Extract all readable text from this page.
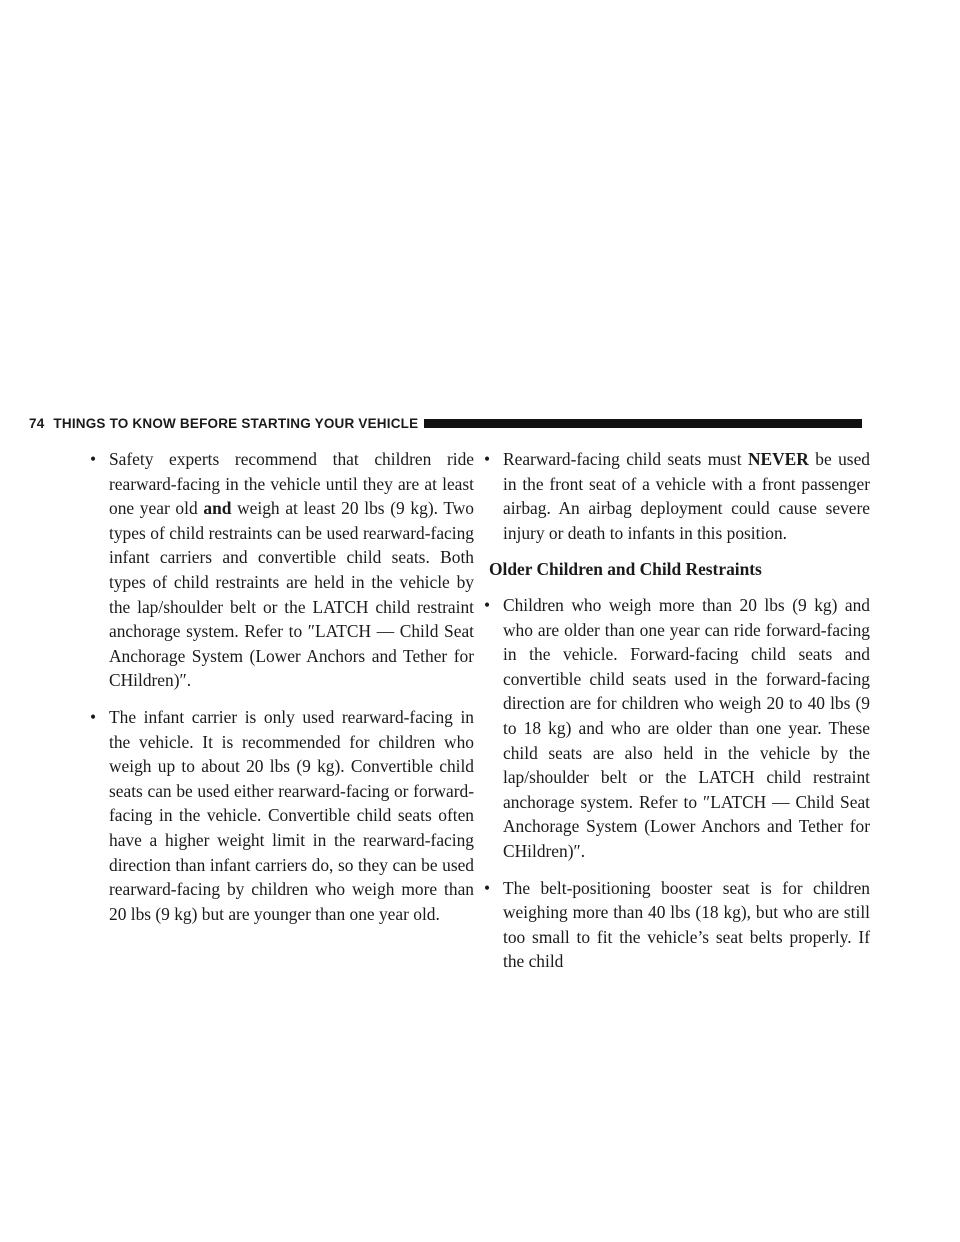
74 THINGS TO KNOW BEFORE STARTING YOUR VEHICLE

• Safety experts recommend that children ride rearward-facing in the vehicle until they are at least one year old and weigh at least 20 lbs (9 kg). Two types of child restraints can be used rearward-facing infant carriers and convertible child seats. Both types of child restraints are held in the vehicle by the lap/shoulder belt or the LATCH child restraint anchorage system. Refer to ″LATCH — Child Seat Anchorage System (Lower Anchors and Tether for CHildren)″.

• The infant carrier is only used rearward-facing in the vehicle. It is recommended for children who weigh up to about 20 lbs (9 kg). Convertible child seats can be used either rearward-facing or forward-facing in the vehicle. Convertible child seats often have a higher weight limit in the rearward-facing direction than infant carriers do, so they can be used rearward-facing by children who weigh more than 20 lbs (9 kg) but are younger than one year old.

• Rearward-facing child seats must NEVER be used in the front seat of a vehicle with a front passenger airbag. An airbag deployment could cause severe injury or death to infants in this position.

Older Children and Child Restraints

• Children who weigh more than 20 lbs (9 kg) and who are older than one year can ride forward-facing in the vehicle. Forward-facing child seats and convertible child seats used in the forward-facing direction are for children who weigh 20 to 40 lbs (9 to 18 kg) and who are older than one year. These child seats are also held in the vehicle by the lap/shoulder belt or the LATCH child restraint anchorage system. Refer to ″LATCH — Child Seat Anchorage System (Lower Anchors and Tether for CHildren)″.

• The belt-positioning booster seat is for children weighing more than 40 lbs (18 kg), but who are still too small to fit the vehicle’s seat belts properly. If the child
